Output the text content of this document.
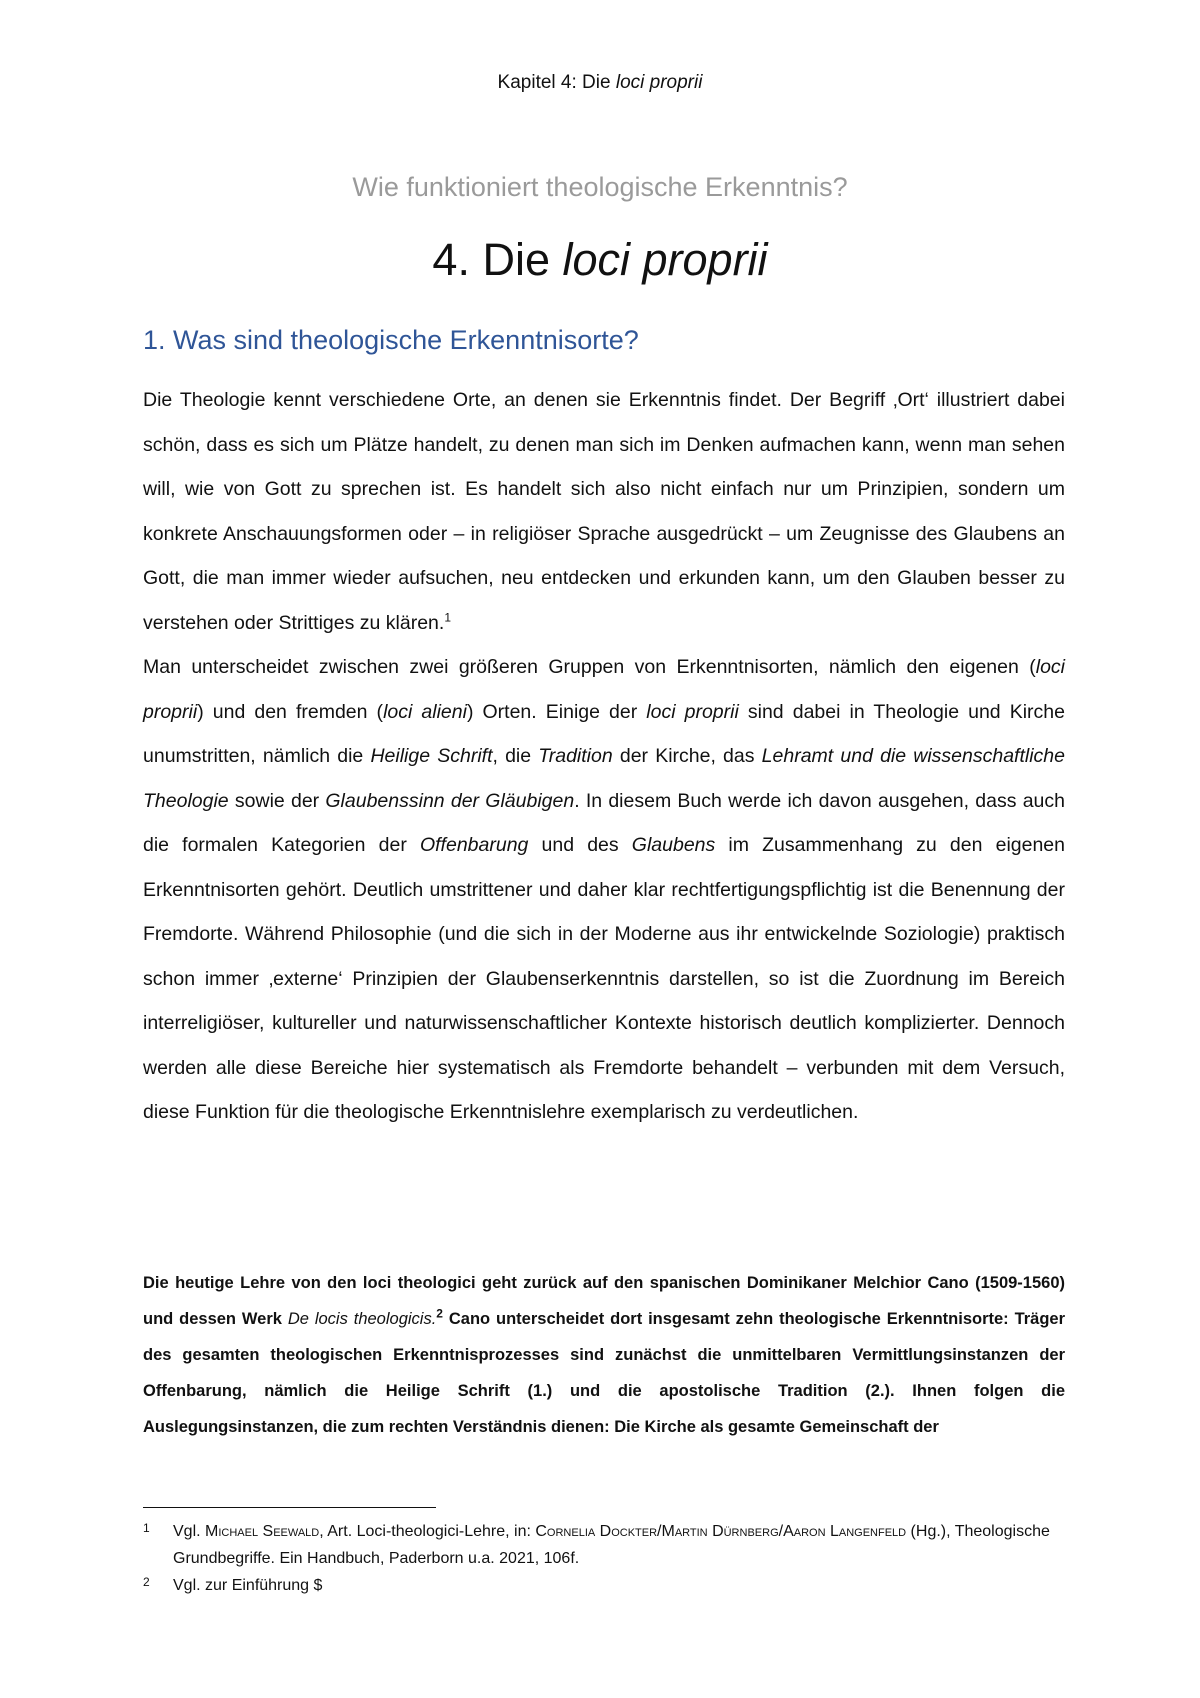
Kapitel 4: Die loci proprii
Wie funktioniert theologische Erkenntnis?
4. Die loci proprii
1. Was sind theologische Erkenntnisorte?

Die Theologie kennt verschiedene Orte, an denen sie Erkenntnis findet. Der Begriff ‚Ort‘ illustriert dabei schön, dass es sich um Plätze handelt, zu denen man sich im Denken aufmachen kann, wenn man sehen will, wie von Gott zu sprechen ist. Es handelt sich also nicht einfach nur um Prinzipien, sondern um konkrete Anschauungsformen oder – in religiöser Sprache ausgedrückt – um Zeugnisse des Glaubens an Gott, die man immer wieder aufsuchen, neu entdecken und erkunden kann, um den Glauben besser zu verstehen oder Strittiges zu klären.$^1$

Man unterscheidet zwischen zwei größeren Gruppen von Erkenntnisorten, nämlich den eigenen (loci proprii) und den fremden (loci alieni) Orten. Einige der loci proprii sind dabei in Theologie und Kirche unumstritten, nämlich die Heilige Schrift, die Tradition der Kirche, das Lehramt und die wissenschaftliche Theologie sowie der Glaubenssinn der Gläubigen. In diesem Buch werde ich davon ausgehen, dass auch die formalen Kategorien der Offenbarung und des Glaubens im Zusammenhang zu den eigenen Erkenntnisorten gehört. Deutlich umstrittener und daher klar rechtfertigungspflichtig ist die Benennung der Fremdorte. Während Philosophie (und die sich in der Moderne aus ihr entwickelnde Soziologie) praktisch schon immer ‚externe‘ Prinzipien der Glaubenserkenntnis darstellen, so ist die Zuordnung im Bereich interreligiöser, kultureller und naturwissenschaftlicher Kontexte historisch deutlich komplizierter. Dennoch werden alle diese Bereiche hier systematisch als Fremdorte behandelt – verbunden mit dem Versuch, diese Funktion für die theologische Erkenntnislehre exemplarisch zu verdeutlichen.

Die heutige Lehre von den loci theologici geht zurück auf den spanischen Dominikaner Melchior Cano (1509-1560) und dessen Werk De locis theologicis.$^2$ Cano unterscheidet dort insgesamt zehn theologische Erkenntnisorte: Träger des gesamten theologischen Erkenntnisprozesses sind zunächst die unmittelbaren Vermittlungsinstanzen der Offenbarung, nämlich die Heilige Schrift (1.) und die apostolische Tradition (2.). Ihnen folgen die Auslegungsinstanzen, die zum rechten Verständnis dienen: Die Kirche als gesamte Gemeinschaft der

1 Vgl. Michael Seewald, Art. Loci-theologici-Lehre, in: Cornelia Dockter/Martin Dürnberg/Aaron Langenfeld (Hg.), Theologische Grundbegriffe. Ein Handbuch, Paderborn u.a. 2021, 106f.
2 Vgl. zur Einführung $
